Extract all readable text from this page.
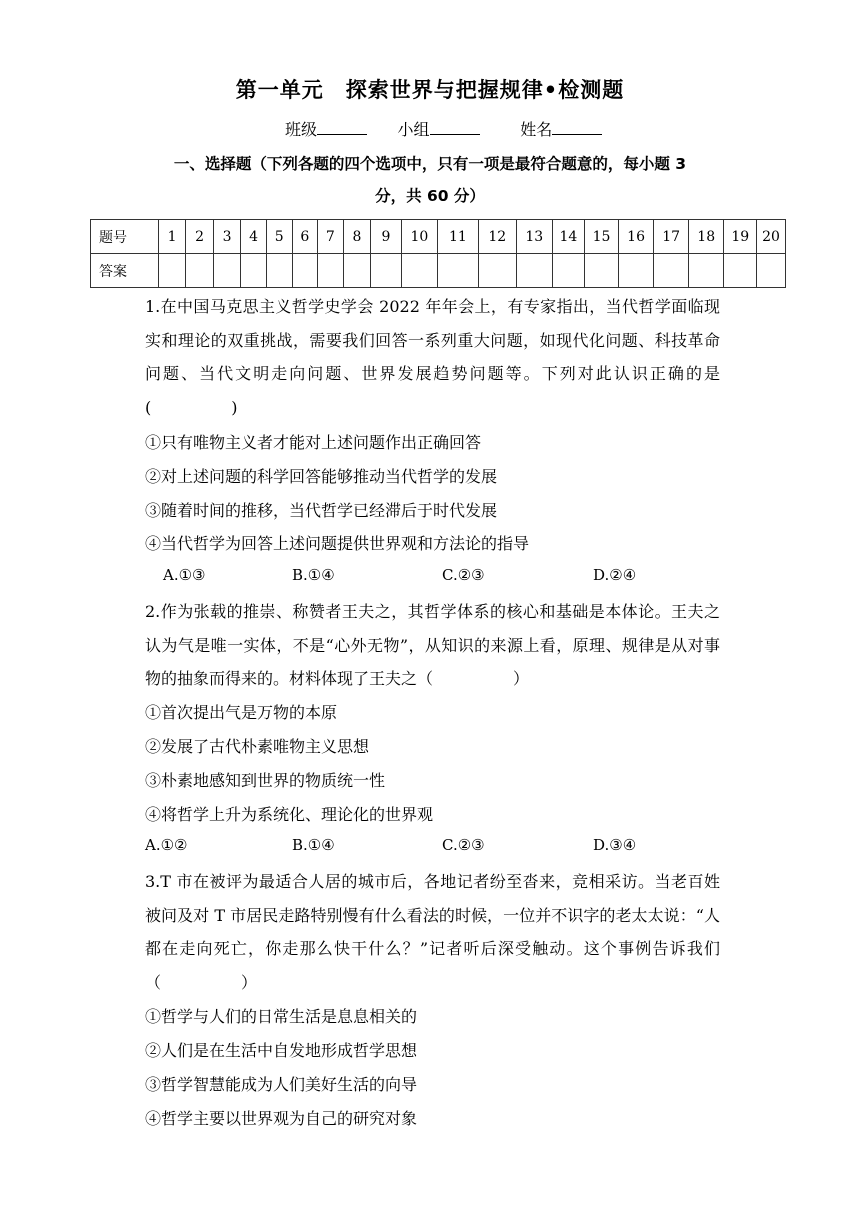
第一单元　探索世界与把握规律•检测题
班级	小组	姓名
一、选择题（下列各题的四个选项中，只有一项是最符合题意的，每小题 3
分，共 60 分）
题号	1	2	3	4	5	6	7	8	9	10	11	12	13	14	15	16	17	18	19	20
答案																				
1.在中国马克思主义哲学史学会 2022 年年会上，有专家指出，当代哲学面临现实和理论的双重挑战，需要我们回答一系列重大问题，如现代化问题、科技革命问题、当代文明走向问题、世界发展趋势问题等。下列对此认识正确的是(　　　　　)
①只有唯物主义者才能对上述问题作出正确回答
②对上述问题的科学回答能够推动当代哲学的发展
③随着时间的推移，当代哲学已经滞后于时代发展
④当代哲学为回答上述问题提供世界观和方法论的指导
A.①③	B.①④	C.②③	D.②④
2.作为张载的推崇、称赞者王夫之，其哲学体系的核心和基础是本体论。王夫之认为气是唯一实体，不是“心外无物”，从知识的来源上看，原理、规律是从对事物的抽象而得来的。材料体现了王夫之（　　　　　）
①首次提出气是万物的本原
②发展了古代朴素唯物主义思想
③朴素地感知到世界的物质统一性
④将哲学上升为系统化、理论化的世界观
A.①②	B.①④	C.②③	D.③④
3.T 市在被评为最适合人居的城市后，各地记者纷至沓来，竞相采访。当老百姓被问及对 T 市居民走路特别慢有什么看法的时候，一位并不识字的老太太说：“人都在走向死亡，你走那么快干什么？”记者听后深受触动。这个事例告诉我们（　　　　　）
①哲学与人们的日常生活是息息相关的
②人们是在生活中自发地形成哲学思想
③哲学智慧能成为人们美好生活的向导
④哲学主要以世界观为自己的研究对象
